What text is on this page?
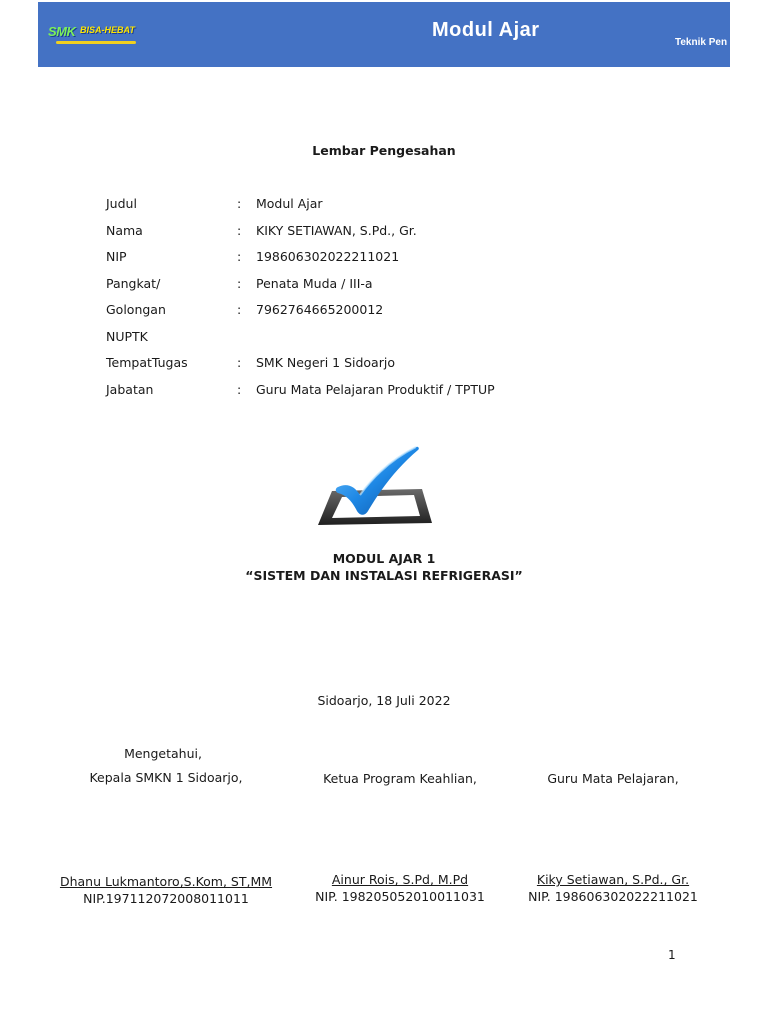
SMK BISA-HEBAT	Modul Ajar
Teknik Pen
Lembar Pengesahan
Judul	: Modul Ajar
Nama	: KIKY SETIAWAN, S.Pd., Gr.
NIP	: 198606302022211021
Pangkat/	: Penata Muda / III-a
Golongan	: 7962764665200012
NUPTK
TempatTugas	: SMK Negeri 1 Sidoarjo
Jabatan	: Guru Mata Pelajaran Produktif / TPTUP
MODUL AJAR 1
“SISTEM DAN INSTALASI REFRIGERASI”
Sidoarjo, 18 Juli 2022
Mengetahui,
Kepala SMKN 1 Sidoarjo,
Dhanu Lukmantoro,S.Kom, ST,MM
NIP.197112072008011011
Ketua Program Keahlian,
Ainur Rois, S.Pd, M.Pd
NIP. 198205052010011031
Guru Mata Pelajaran,
Kiky Setiawan, S.Pd., Gr.
NIP. 198606302022211021
1
